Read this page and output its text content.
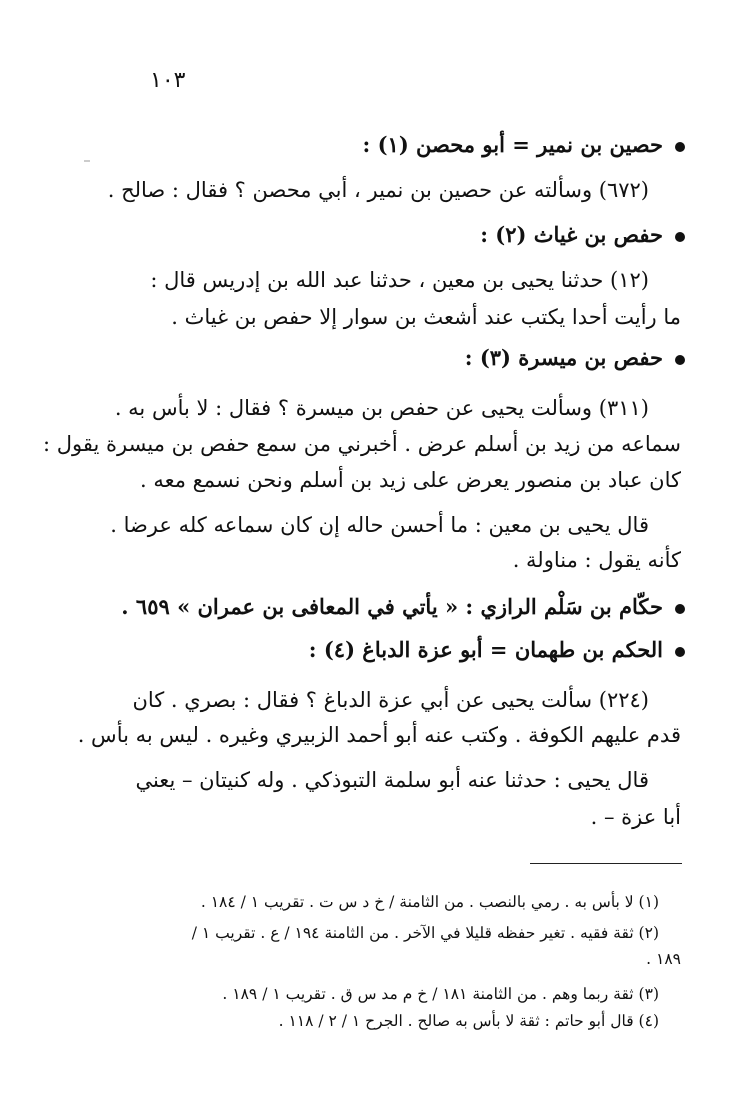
١٠٣
حصين بن نمير = أبو محصن (١) :
(٦٧٢) وسألته عن حصين بن نمير ، أبي محصن ؟ فقال : صالح .
حفص بن غياث (٢) :
(١٢) حدثنا يحيى بن معين ، حدثنا عبد الله بن إدريس قال :
ما رأيت أحدا يكتب عند أشعث بن سوار إلا حفص بن غياث .
حفص بن ميسرة (٣) :
(٣١١) وسألت يحيى عن حفص بن ميسرة ؟ فقال : لا بأس به .
سماعه من زيد بن أسلم عرض . أخبرني من سمع حفص بن ميسرة يقول :
كان عباد بن منصور يعرض على زيد بن أسلم ونحن نسمع معه .
قال يحيى بن معين : ما أحسن حاله إن كان سماعه كله عرضا .
كأنه يقول : مناولة .
حكّام بن سَلْم الرازي : « يأتي في المعافى بن عمران » ٦٥٩ .
الحكم بن طهمان = أبو عزة الدباغ (٤) :
(٢٢٤) سألت يحيى عن أبي عزة الدباغ ؟ فقال : بصري . كان
قدم عليهم الكوفة . وكتب عنه أبو أحمد الزبيري وغيره . ليس به بأس .
قال يحيى : حدثنا عنه أبو سلمة التبوذكي . وله كنيتان – يعني
أبا عزة – .
(١) لا بأس به . رمي بالنصب . من الثامنة / خ د س ت . تقريب ١ / ١٨٤ .
(٢) ثقة فقيه . تغير حفظه قليلا في الآخر . من الثامنة ١٩٤ / ع . تقريب ١ /
١٨٩ .
(٣) ثقة ربما وهم . من الثامنة ١٨١ / خ م مد س ق . تقريب ١ / ١٨٩ .
(٤) قال أبو حاتم : ثقة لا بأس به صالح . الجرح ١ / ٢ / ١١٨ .
